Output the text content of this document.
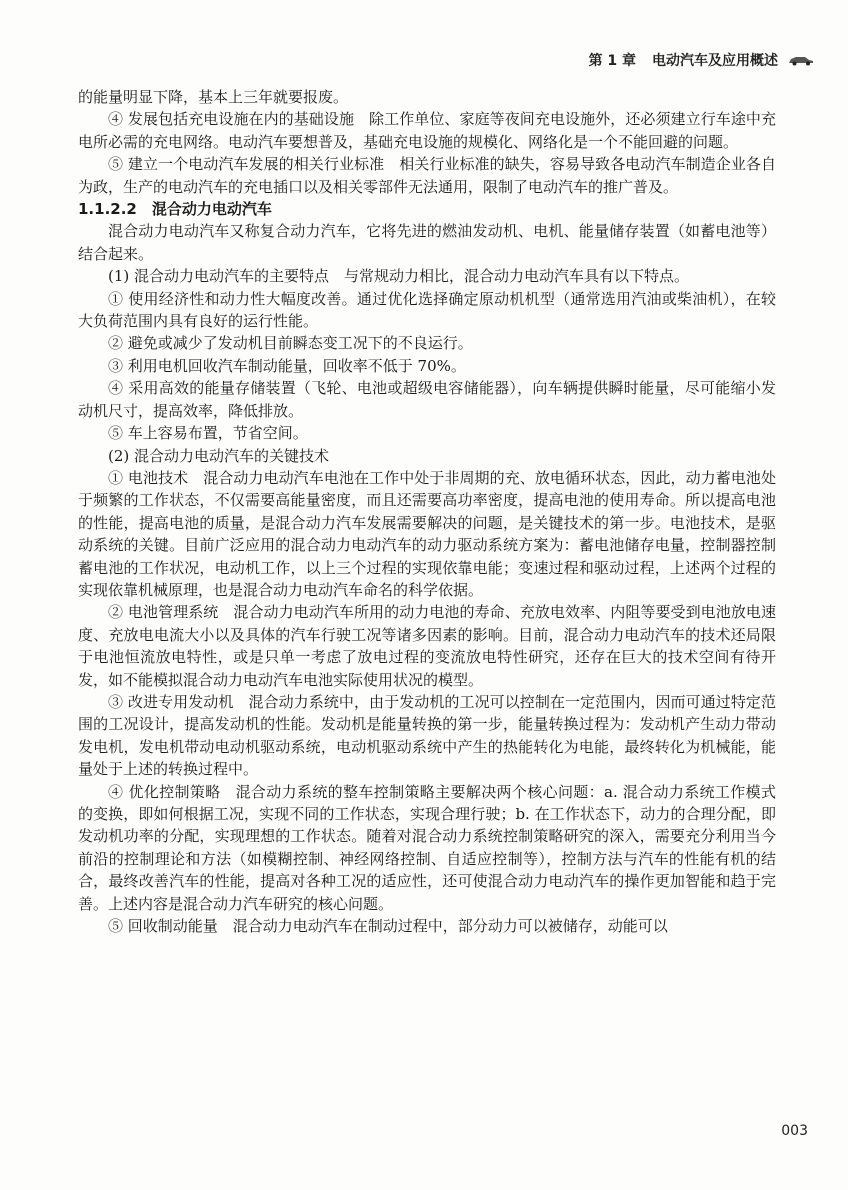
第 1 章 电动汽车及应用概述

的能量明显下降，基本上三年就要报废。

④ 发展包括充电设施在内的基础设施 除工作单位、家庭等夜间充电设施外，还必须建立行车途中充电所必需的充电网络。电动汽车要想普及，基础充电设施的规模化、网络化是一个不能回避的问题。

⑤ 建立一个电动汽车发展的相关行业标准 相关行业标准的缺失，容易导致各电动汽车制造企业各自为政，生产的电动汽车的充电插口以及相关零部件无法通用，限制了电动汽车的推广普及。

1.1.2.2　混合动力电动汽车

混合动力电动汽车又称复合动力汽车，它将先进的燃油发动机、电机、能量储存装置（如蓄电池等）结合起来。

(1) 混合动力电动汽车的主要特点 与常规动力相比，混合动力电动汽车具有以下特点。

① 使用经济性和动力性大幅度改善。通过优化选择确定原动机机型（通常选用汽油或柴油机），在较大负荷范围内具有良好的运行性能。

② 避免或减少了发动机目前瞬态变工况下的不良运行。

③ 利用电机回收汽车制动能量，回收率不低于 70%。

④ 采用高效的能量存储装置（飞轮、电池或超级电容储能器），向车辆提供瞬时能量，尽可能缩小发动机尺寸，提高效率，降低排放。

⑤ 车上容易布置，节省空间。

(2) 混合动力电动汽车的关键技术

① 电池技术 混合动力电动汽车电池在工作中处于非周期的充、放电循环状态，因此，动力蓄电池处于频繁的工作状态，不仅需要高能量密度，而且还需要高功率密度，提高电池的使用寿命。所以提高电池的性能，提高电池的质量，是混合动力汽车发展需要解决的问题，是关键技术的第一步。电池技术，是驱动系统的关键。目前广泛应用的混合动力电动汽车的动力驱动系统方案为：蓄电池储存电量，控制器控制蓄电池的工作状况，电动机工作，以上三个过程的实现依靠电能；变速过程和驱动过程，上述两个过程的实现依靠机械原理，也是混合动力电动汽车命名的科学依据。

② 电池管理系统 混合动力电动汽车所用的动力电池的寿命、充放电效率、内阻等要受到电池放电速度、充放电电流大小以及具体的汽车行驶工况等诸多因素的影响。目前，混合动力电动汽车的技术还局限于电池恒流放电特性，或是只单一考虑了放电过程的变流放电特性研究，还存在巨大的技术空间有待开发，如不能模拟混合动力电动汽车电池实际使用状况的模型。

③ 改进专用发动机 混合动力系统中，由于发动机的工况可以控制在一定范围内，因而可通过特定范围的工况设计，提高发动机的性能。发动机是能量转换的第一步，能量转换过程为：发动机产生动力带动发电机，发电机带动电动机驱动系统，电动机驱动系统中产生的热能转化为电能，最终转化为机械能，能量处于上述的转换过程中。

④ 优化控制策略 混合动力系统的整车控制策略主要解决两个核心问题：a. 混合动力系统工作模式的变换，即如何根据工况，实现不同的工作状态，实现合理行驶；b. 在工作状态下，动力的合理分配，即发动机功率的分配，实现理想的工作状态。随着对混合动力系统控制策略研究的深入，需要充分利用当今前沿的控制理论和方法（如模糊控制、神经网络控制、自适应控制等），控制方法与汽车的性能有机的结合，最终改善汽车的性能，提高对各种工况的适应性，还可使混合动力电动汽车的操作更加智能和趋于完善。上述内容是混合动力汽车研究的核心问题。

⑤ 回收制动能量 混合动力电动汽车在制动过程中，部分动力可以被储存，动能可以

003
